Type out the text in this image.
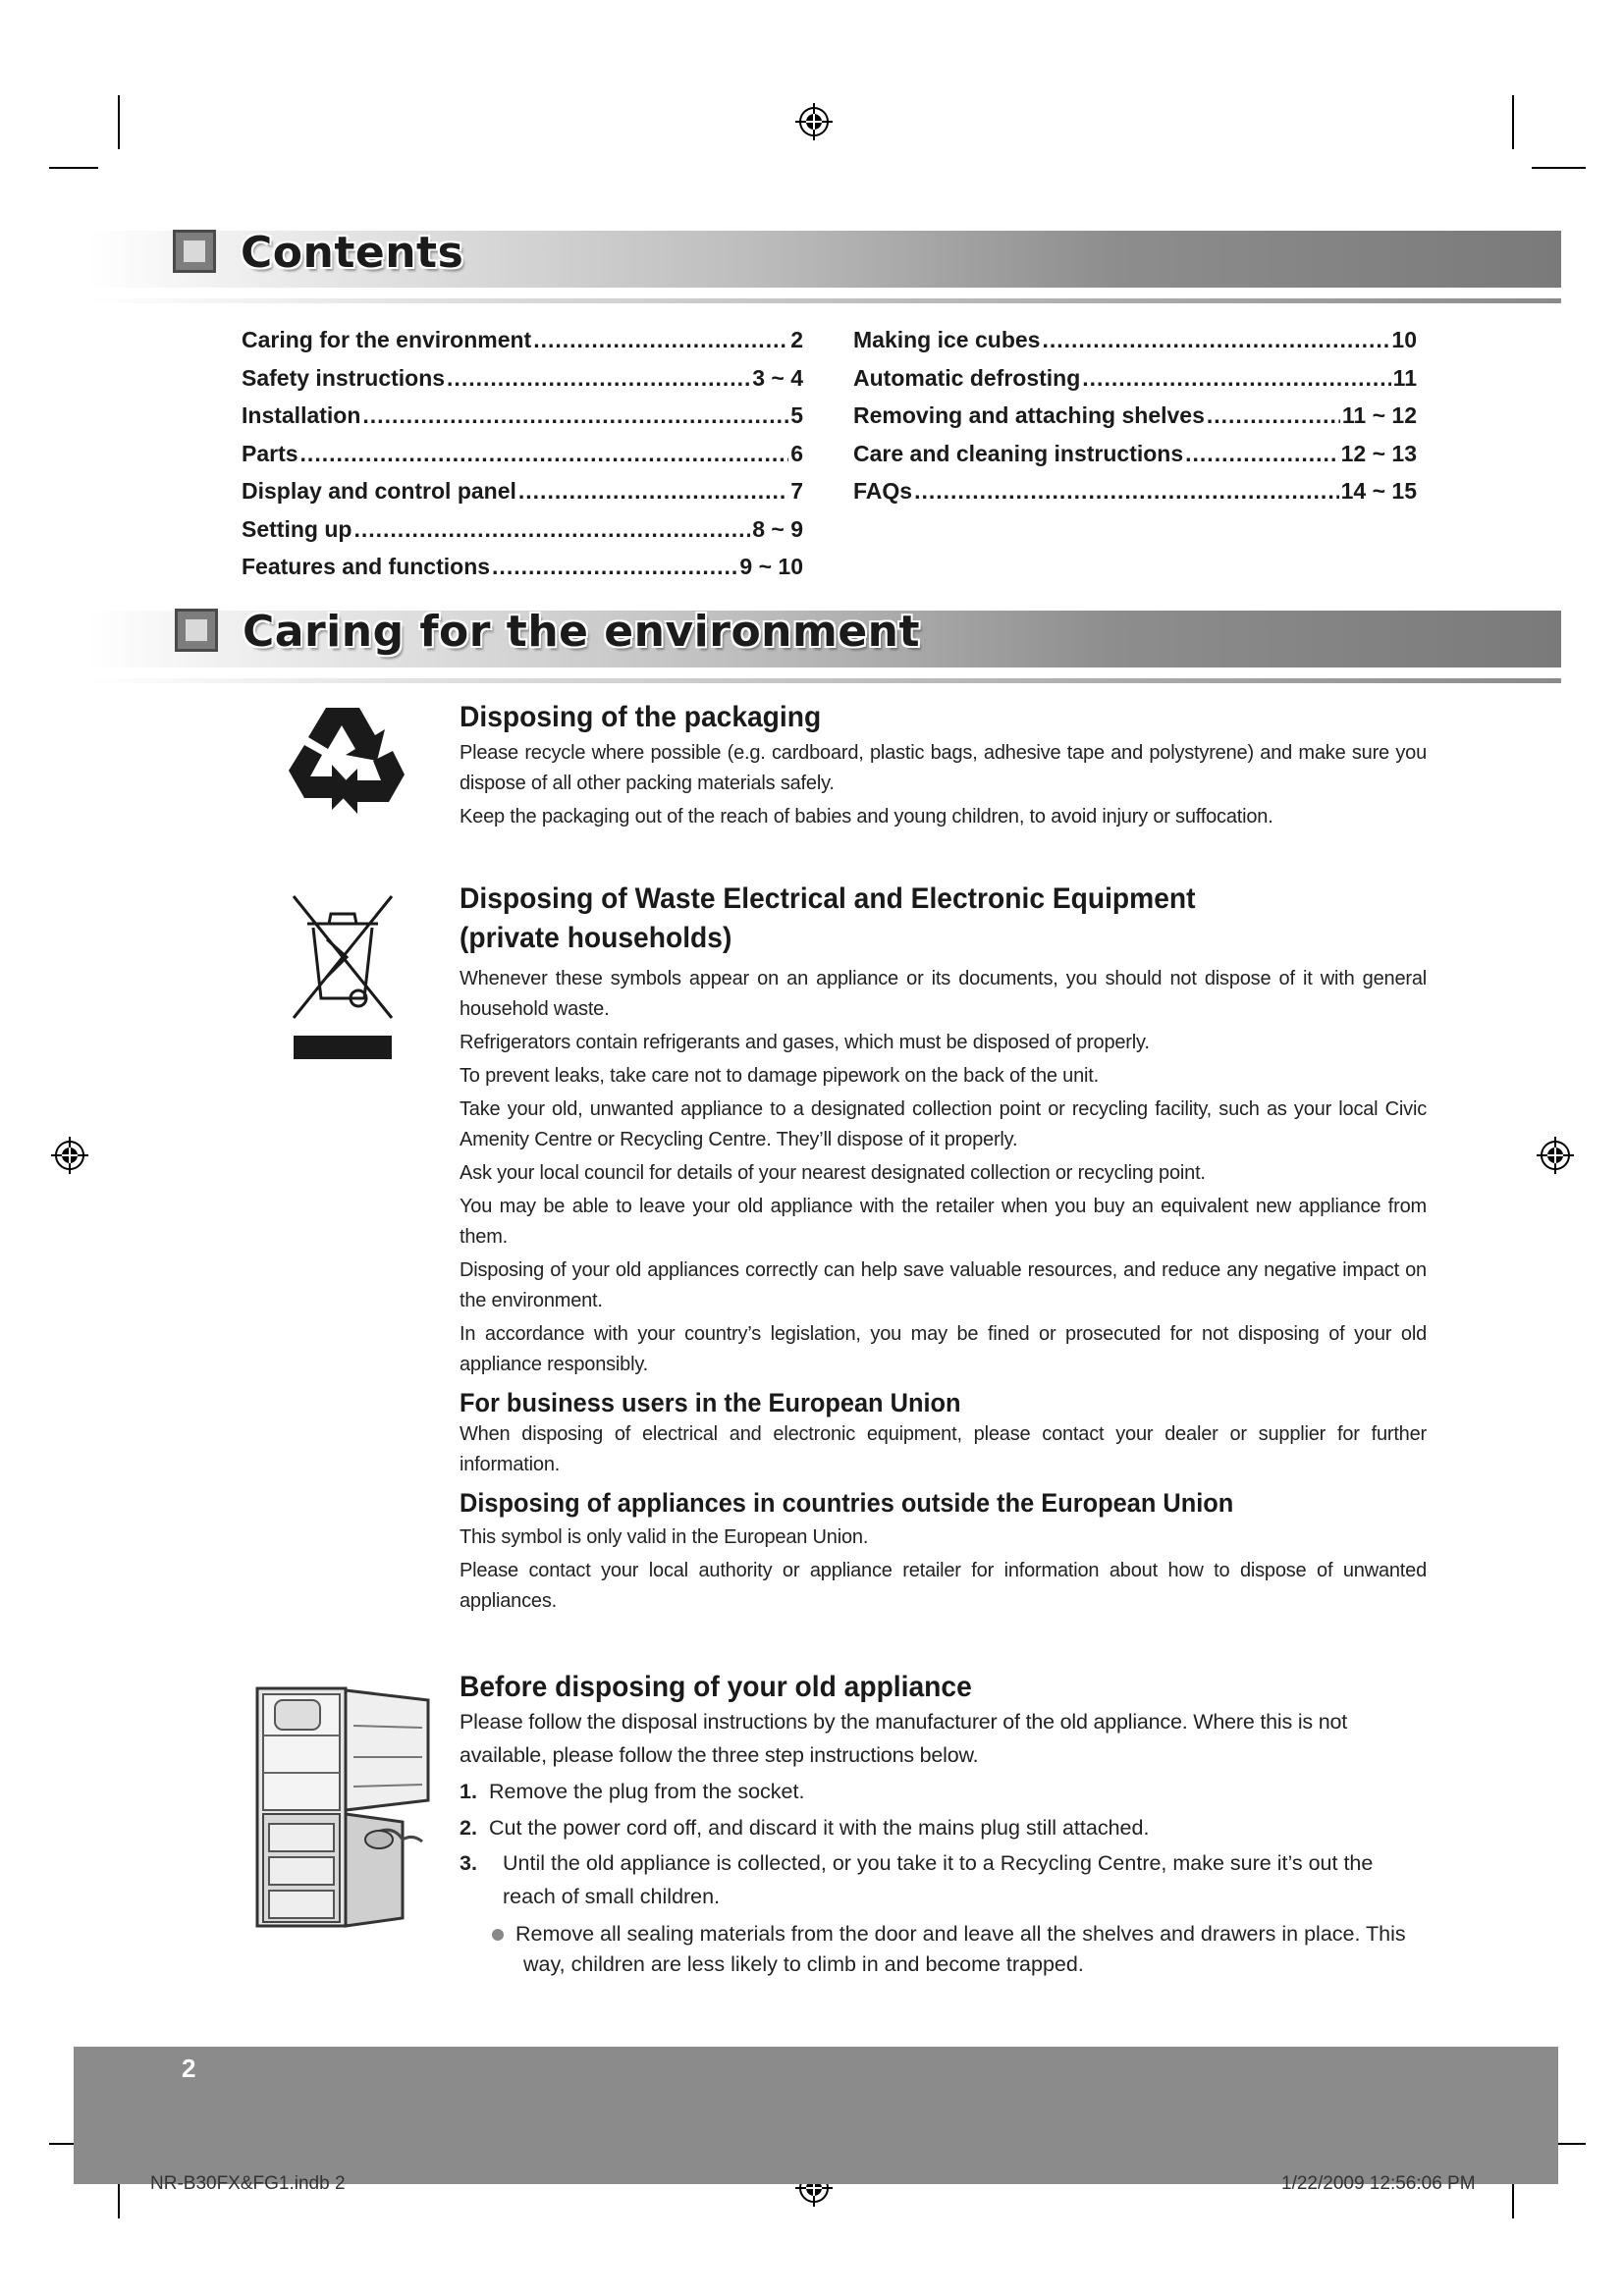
Contents
Caring for the environment .....	2
Safety instructions .....	3 ~ 4
Installation .....	5
Parts .....	6
Display and control panel .....	7
Setting up .....	8 ~ 9
Features and functions .....	9 ~ 10
Making ice cubes .....	10
Automatic defrosting .....	11
Removing and attaching shelves .....	11 ~ 12
Care and cleaning instructions .....	12 ~ 13
FAQs .....	14 ~ 15
Caring for the environment
Disposing of the packaging

Please recycle where possible (e.g. cardboard, plastic bags, adhesive tape and polystyrene) and make sure you dispose of all other packing materials safely.

Keep the packaging out of the reach of babies and young children, to avoid injury or suffocation.

Disposing of Waste Electrical and Electronic Equipment
(private households)

Whenever these symbols appear on an appliance or its documents, you should not dispose of it with general household waste.

Refrigerators contain refrigerants and gases, which must be disposed of properly.

To prevent leaks, take care not to damage pipework on the back of the unit.

Take your old, unwanted appliance to a designated collection point or recycling facility, such as your local Civic Amenity Centre or Recycling Centre. They’ll dispose of it properly.

Ask your local council for details of your nearest designated collection or recycling point.

You may be able to leave your old appliance with the retailer when you buy an equivalent new appliance from them.

Disposing of your old appliances correctly can help save valuable resources, and reduce any negative impact on the environment.

In accordance with your country’s legislation, you may be fined or prosecuted for not disposing of your old appliance responsibly.

For business users in the European Union

When disposing of electrical and electronic equipment, please contact your dealer or supplier for further information.

Disposing of appliances in countries outside the European Union

This symbol is only valid in the European Union.

Please contact your local authority or appliance retailer for information about how to dispose of unwanted appliances.

Before disposing of your old appliance

Please follow the disposal instructions by the manufacturer of the old appliance. Where this is not available, please follow the three step instructions below.

1. Remove the plug from the socket.
2. Cut the power cord off, and discard it with the mains plug still attached.
3.	Until the old appliance is collected, or you take it to a Recycling Centre, make sure it’s out the reach of small children.
Remove all sealing materials from the door and leave all the shelves and drawers in place. This way, children are less likely to climb in and become trapped.
2
NR-B30FX&FG1.indb 2	1/22/2009 12:56:06 PM
